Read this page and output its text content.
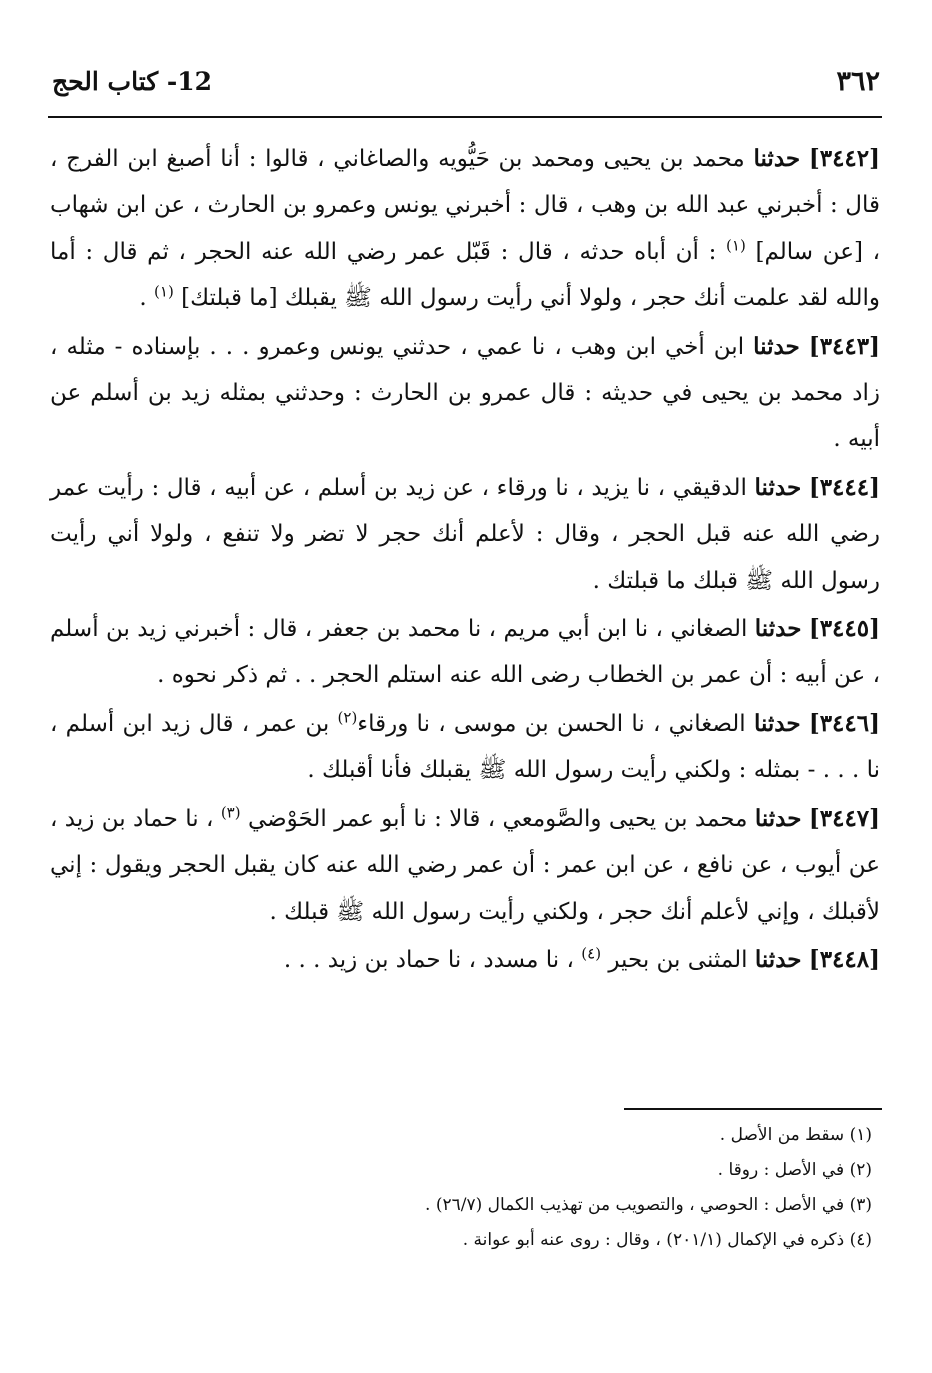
٣٦٢
12- كتاب الحج

[٣٤٤٢] حدثنا محمد بن يحيى ومحمد بن حَيُّويه والصاغاني ، قالوا : أنا أصبغ ابن الفرج ، قال : أخبرني عبد الله بن وهب ، قال : أخبرني يونس وعمرو بن الحارث ، عن ابن شهاب ، [عن سالم] $^{(١)}$ : أن أباه حدثه ، قال : قَبّل عمر رضي الله عنه الحجر ، ثم قال : أما والله لقد علمت أنك حجر ، ولولا أني رأيت رسول الله ﷺ يقبلك [ما قبلتك] $^{(١)}$ .

[٣٤٤٣] حدثنا ابن أخي ابن وهب ، نا عمي ، حدثني يونس وعمرو . . . بإسناده - مثله ، زاد محمد بن يحيى في حديثه : قال عمرو بن الحارث : وحدثني بمثله زيد بن أسلم عن أبيه .

[٣٤٤٤] حدثنا الدقيقي ، نا يزيد ، نا ورقاء ، عن زيد بن أسلم ، عن أبيه ، قال : رأيت عمر رضي الله عنه قبل الحجر ، وقال : لأعلم أنك حجر لا تضر ولا تنفع ، ولولا أني رأيت رسول الله ﷺ قبلك ما قبلتك .

[٣٤٤٥] حدثنا الصغاني ، نا ابن أبي مريم ، نا محمد بن جعفر ، قال : أخبرني زيد بن أسلم ، عن أبيه : أن عمر بن الخطاب رضى الله عنه استلم الحجر . . ثم ذكر نحوه .

[٣٤٤٦] حدثنا الصغاني ، نا الحسن بن موسى ، نا ورقاء$^{(٢)}$ بن عمر ، قال زيد ابن أسلم ، نا . . . - بمثله : ولكني رأيت رسول الله ﷺ يقبلك فأنا أقبلك .

[٣٤٤٧] حدثنا محمد بن يحيى والصَّومعي ، قالا : نا أبو عمر الحَوْضي $^{(٣)}$ ، نا حماد بن زيد ، عن أيوب ، عن نافع ، عن ابن عمر : أن عمر رضي الله عنه كان يقبل الحجر ويقول : إني لأقبلك ، وإني لأعلم أنك حجر ، ولكني رأيت رسول الله ﷺ قبلك .

[٣٤٤٨] حدثنا المثنى بن بحير $^{(٤)}$ ، نا مسدد ، نا حماد بن زيد . . .

(١) سقط من الأصل .
(٢) في الأصل : روقا .
(٣) في الأصل : الحوصي ، والتصويب من تهذيب الكمال (٢٦/٧) .
(٤) ذكره في الإكمال (٢٠١/١) ، وقال : روى عنه أبو عوانة .
